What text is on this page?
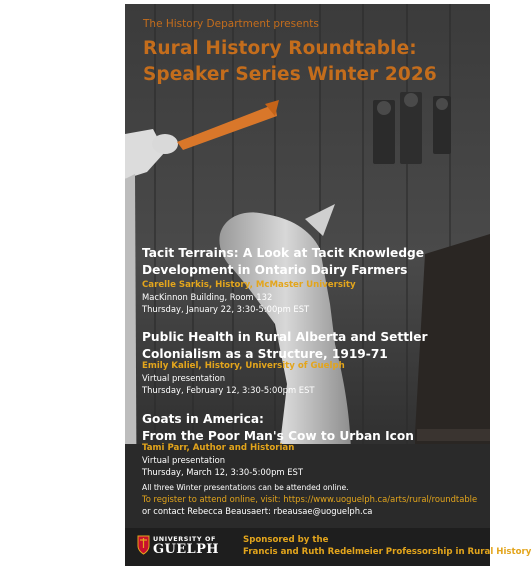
The History Department presents
Rural History Roundtable:
Speaker Series Winter 2026
Tacit Terrains: A Look at Tacit Knowledge
Development in Ontario Dairy Farmers
Carelle Sarkis, History, McMaster University
MacKinnon Building, Room 132
Thursday, January 22, 3:30-5:00pm EST
Public Health in Rural Alberta and Settler
Colonialism as a Structure, 1919-71
Emily Kaliel, History, University of Guelph
Virtual presentation
Thursday, February 12, 3:30-5:00pm EST
Goats in America:
From the Poor Man's Cow to Urban Icon
Tami Parr, Author and Historian
Virtual presentation
Thursday, March 12, 3:30-5:00pm EST
All three Winter presentations can be attended online.
To register to attend online, visit: https://www.uoguelph.ca/arts/rural/roundtable
or contact Rebecca Beausaert: rbeausae@uoguelph.ca
UNIVERSITY OF
GUELPH
Sponsored by the
Francis and Ruth Redelmeier Professorship in Rural History
